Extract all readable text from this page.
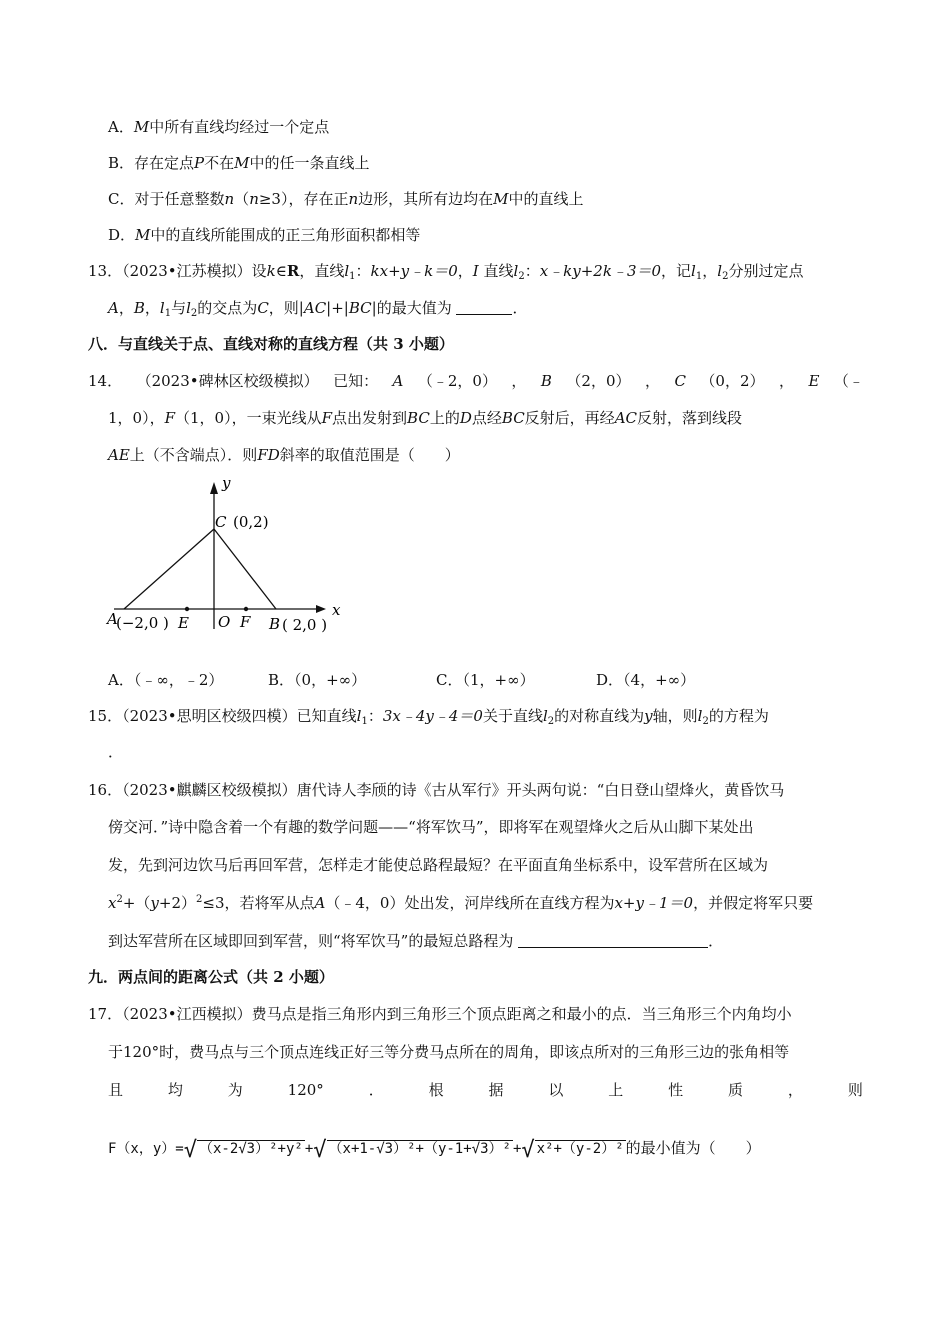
A．M中所有直线均经过一个定点
B．存在定点P不在M中的任一条直线上
C．对于任意整数n（n≥3），存在正n边形，其所有边均在M中的直线上
D．M中的直线所能围成的正三角形面积都相等
13．（2023•江苏模拟）设k∈R，直线$l_1$：kx+y﹣k＝0，I 直线$l_2$：x﹣ky+2k﹣3＝0，记$l_1$，$l_2$分别过定点
A，B，$l_1$与$l_2$的交点为C，则|AC|+|BC|的最大值为	．
八．与直线关于点、直线对称的直线方程（共 3 小题）
14． （2023•碑林区校级模拟） 已知： A （﹣2，0） ， B （2，0） ， C （0，2） ， E （﹣
1，0），F（1，0），一束光线从F点出发射到BC上的D点经BC反射后，再经AC反射，落到线段
AE上（不含端点）．则FD斜率的取值范围是（　　）
y
x
C (0,2)
A
(−2,0 ) E O F B ( 2,0 )
A．（﹣∞，﹣2）	B．（0，+∞）	C．（1，+∞）	D．（4，+∞）
15．（2023•思明区校级四模）已知直线$l_1$：3x﹣4y﹣4＝0关于直线$l_2$的对称直线为y轴，则$l_2$的方程为
．
16．（2023•麒麟区校级模拟）唐代诗人李颀的诗《古从军行》开头两句说：“白日登山望烽火，黄昏饮马
傍交河．”诗中隐含着一个有趣的数学问题——“将军饮马”，即将军在观望烽火之后从山脚下某处出
发，先到河边饮马后再回军营，怎样走才能使总路程最短？在平面直角坐标系中，设军营所在区域为
$x^2+(y+2)^2\le 3$，若将军从点A（﹣4，0）处出发，河岸线所在直线方程为x+y﹣1＝0，并假定将军只要
到达军营所在区域即回到军营，则“将军饮马”的最短总路程为	．
九．两点间的距离公式（共 2 小题）
17．（2023•江西模拟）费马点是指三角形内到三角形三个顶点距离之和最小的点．当三角形三个内角均小
于120°时，费马点与三个顶点连线正好三等分费马点所在的周角，即该点所对的三角形三边的张角相等
且	均	为	120°	．	根	据	以	上	性	质	，	则
F（x，y）=√ （x-2√3）²+y² +√ （x+1-√3）²+（y-1+√3）² +√ x²+（y-2）² 的最小值为（　　）
